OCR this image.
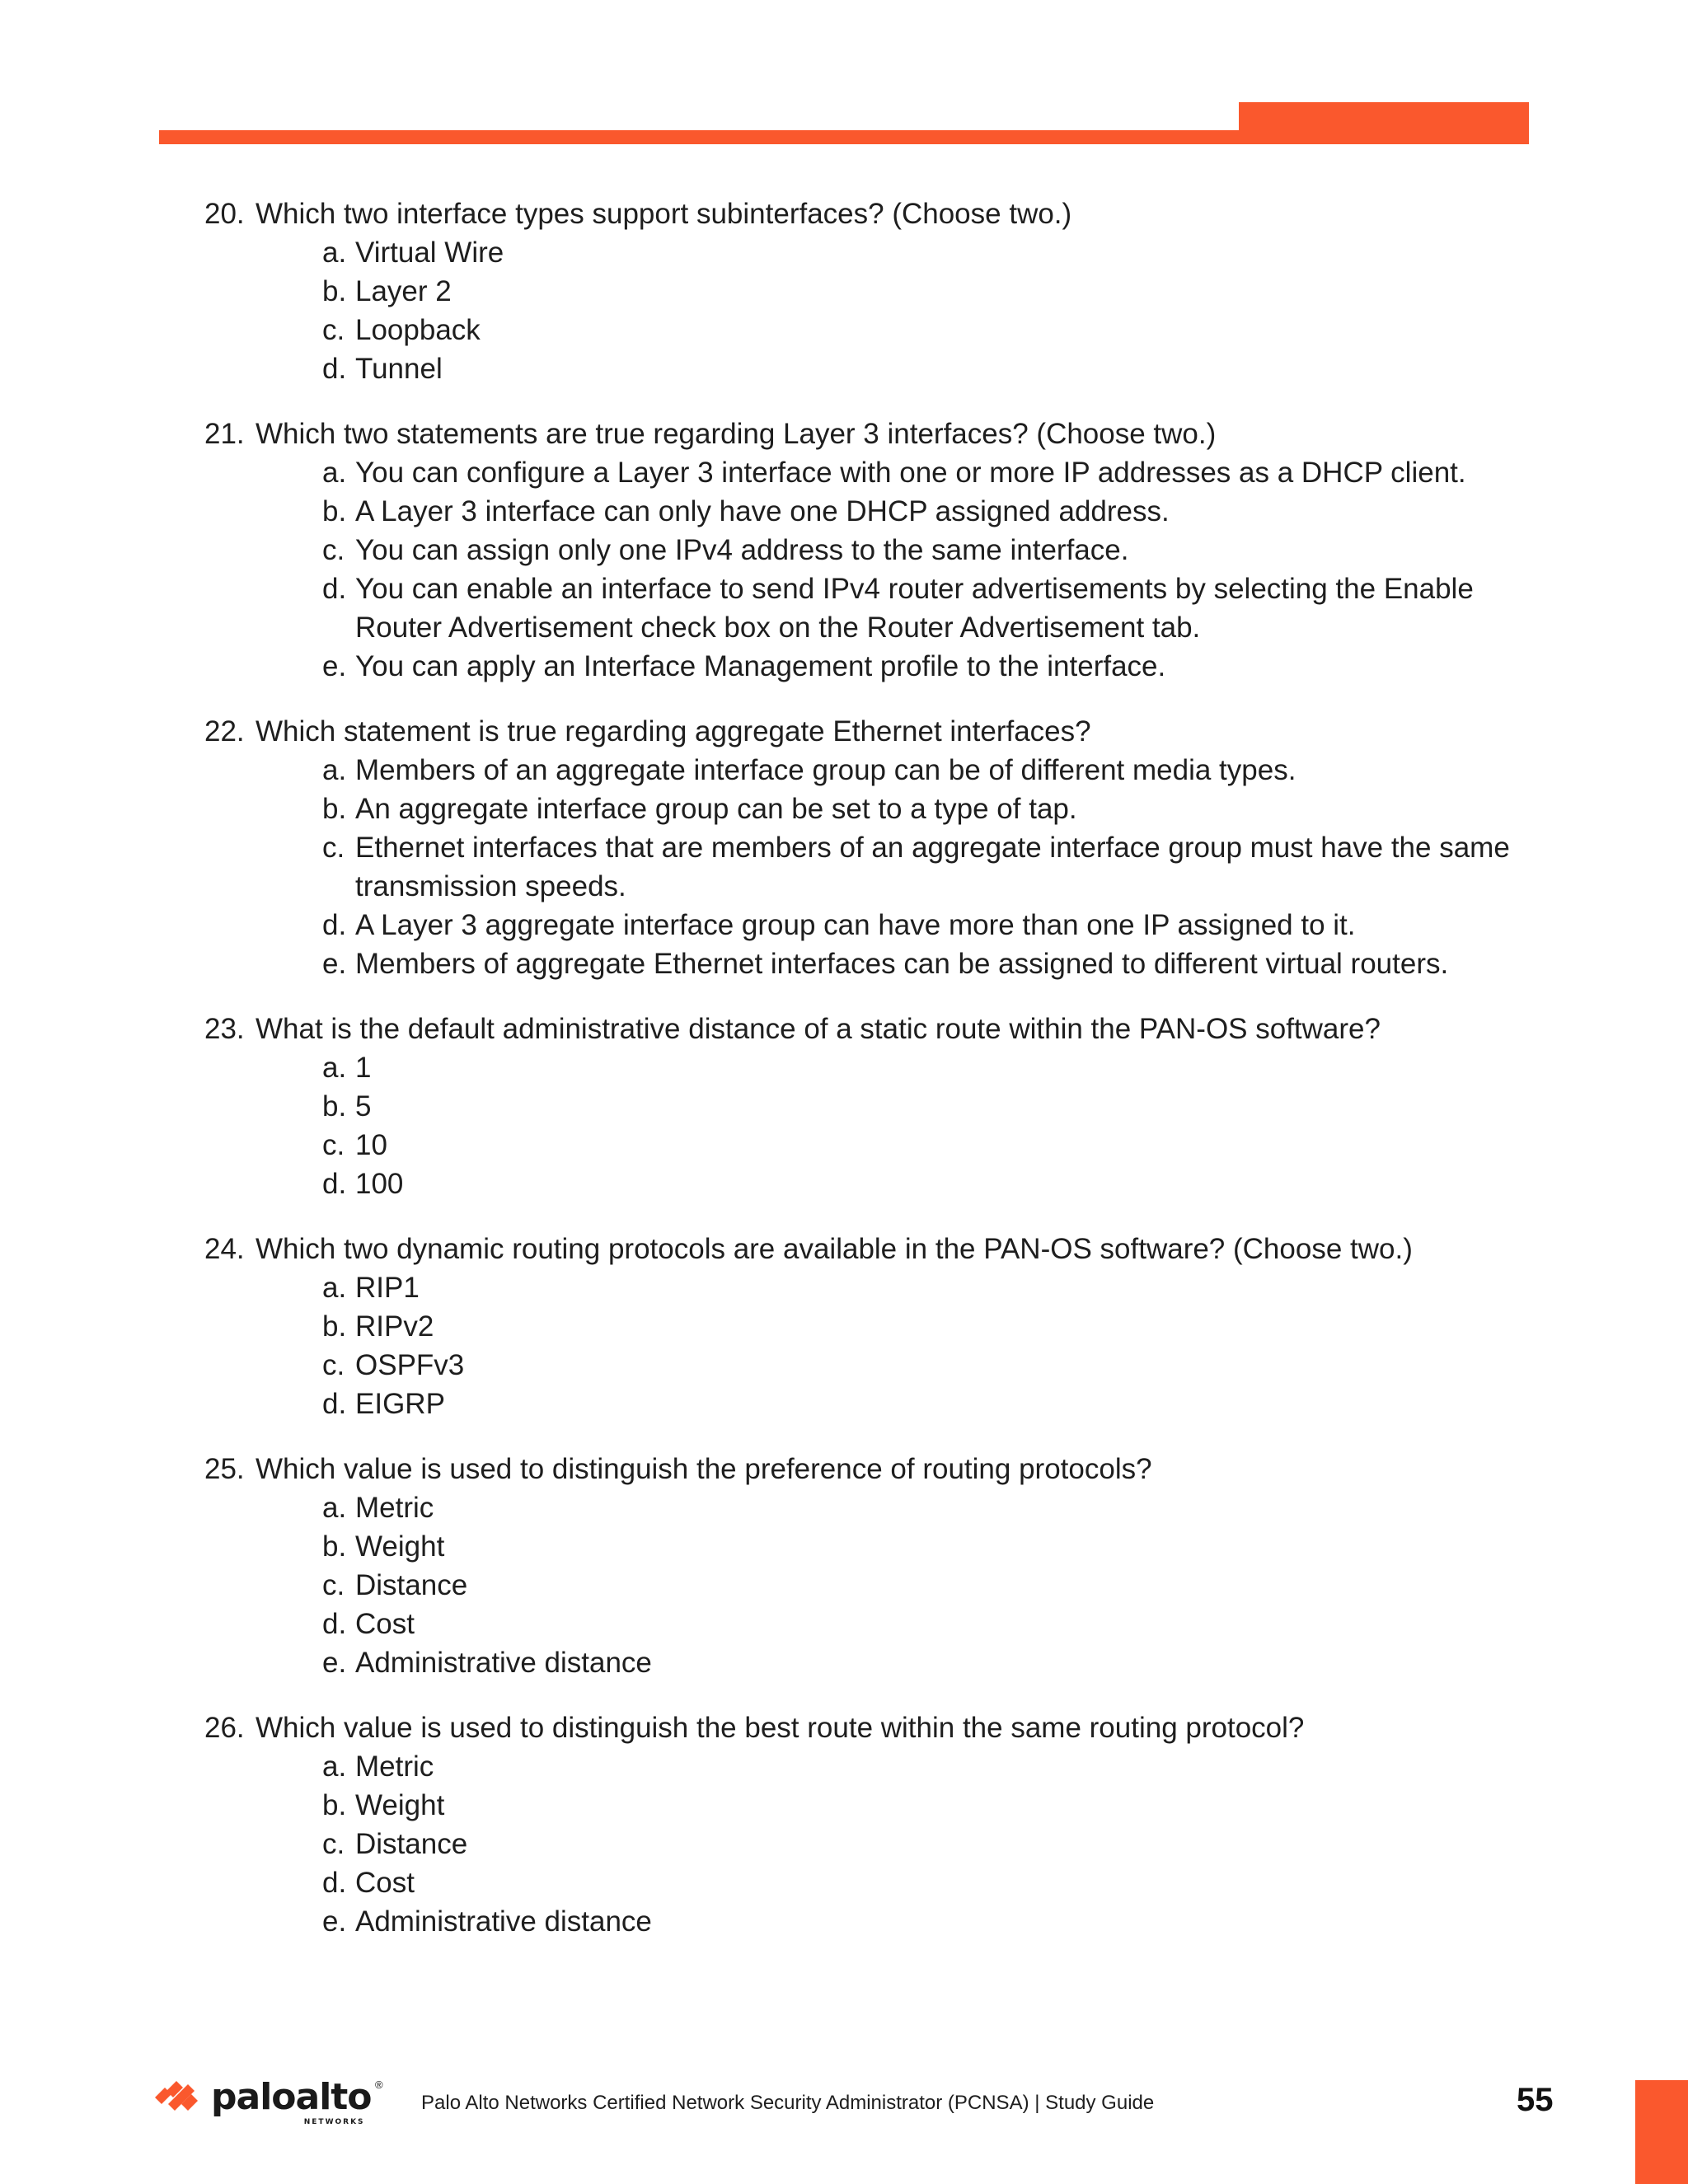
20. Which two interface types support subinterfaces? (Choose two.)
a. Virtual Wire
b. Layer 2
c. Loopback
d. Tunnel
21. Which two statements are true regarding Layer 3 interfaces? (Choose two.)
a. You can configure a Layer 3 interface with one or more IP addresses as a DHCP client.
b. A Layer 3 interface can only have one DHCP assigned address.
c. You can assign only one IPv4 address to the same interface.
d. You can enable an interface to send IPv4 router advertisements by selecting the Enable Router Advertisement check box on the Router Advertisement tab.
e. You can apply an Interface Management profile to the interface.
22. Which statement is true regarding aggregate Ethernet interfaces?
a. Members of an aggregate interface group can be of different media types.
b. An aggregate interface group can be set to a type of tap.
c. Ethernet interfaces that are members of an aggregate interface group must have the same transmission speeds.
d. A Layer 3 aggregate interface group can have more than one IP assigned to it.
e. Members of aggregate Ethernet interfaces can be assigned to different virtual routers.
23. What is the default administrative distance of a static route within the PAN-OS software?
a. 1
b. 5
c. 10
d. 100
24. Which two dynamic routing protocols are available in the PAN-OS software? (Choose two.)
a. RIP1
b. RIPv2
c. OSPFv3
d. EIGRP
25. Which value is used to distinguish the preference of routing protocols?
a. Metric
b. Weight
c. Distance
d. Cost
e. Administrative distance
26. Which value is used to distinguish the best route within the same routing protocol?
a. Metric
b. Weight
c. Distance
d. Cost
e. Administrative distance
paloalto ®
NETWORKS
Palo Alto Networks Certified Network Security Administrator (PCNSA) | Study Guide	55
